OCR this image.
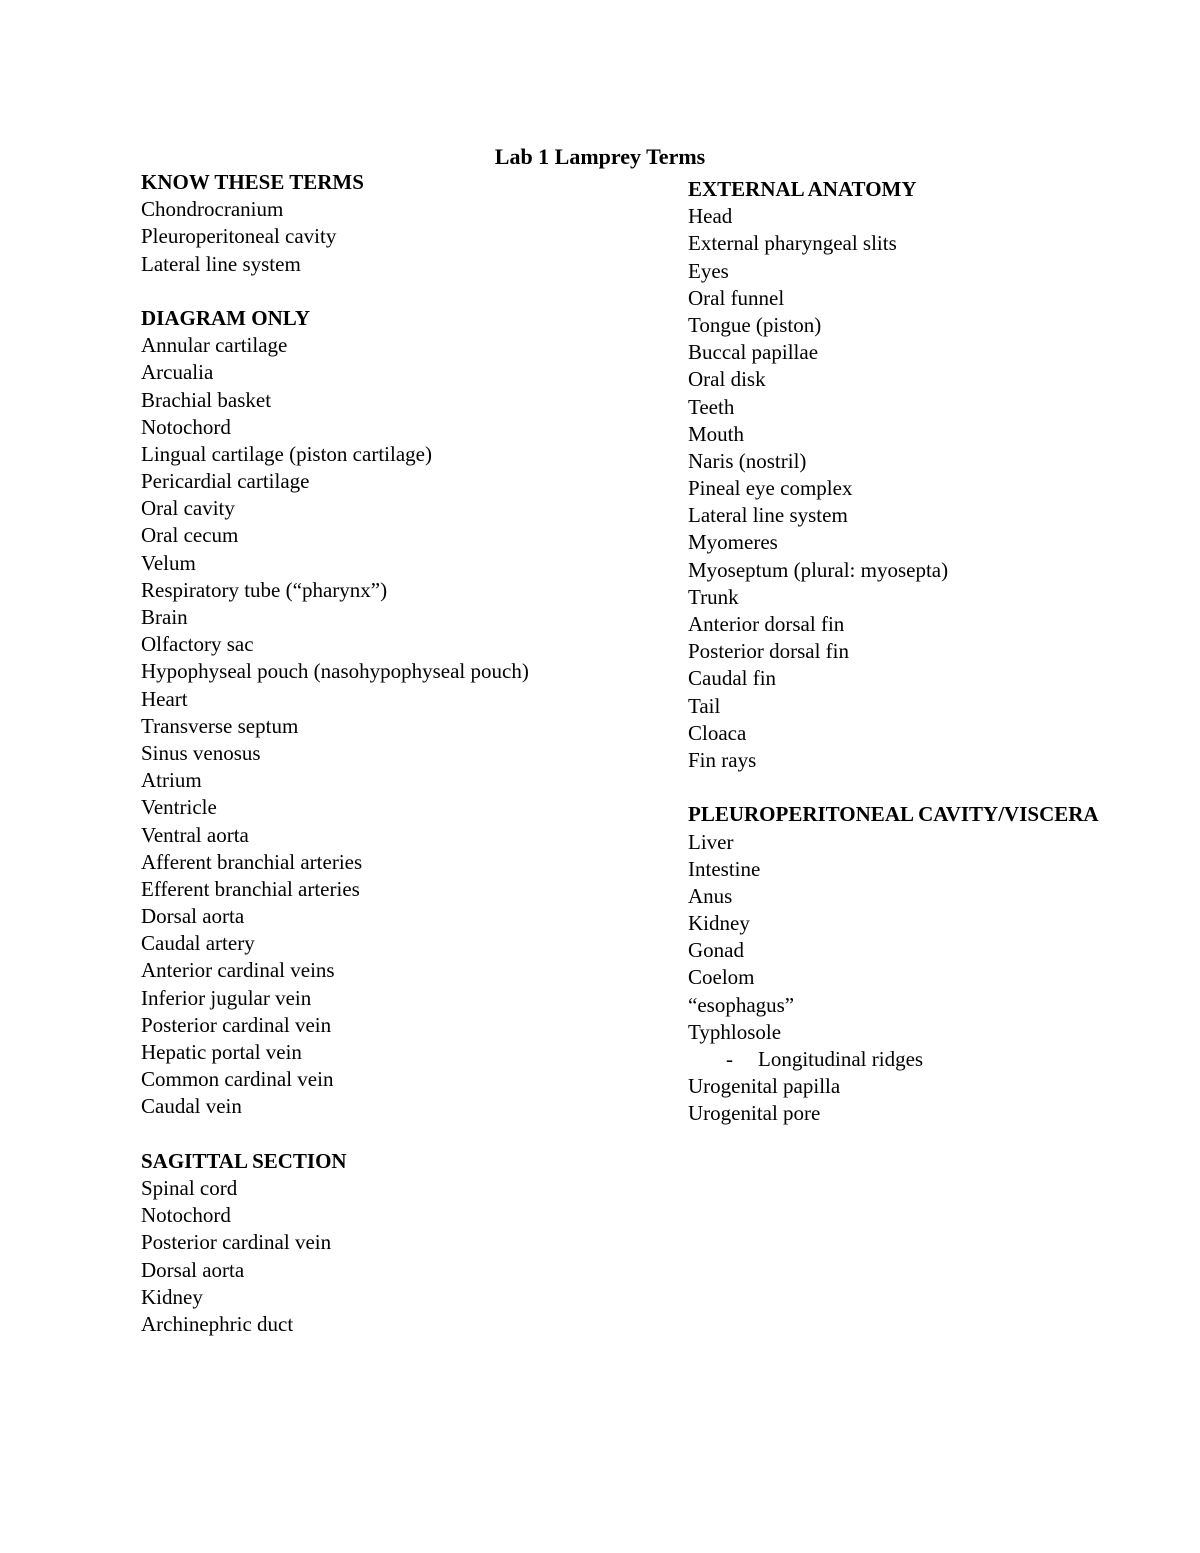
Lab 1 Lamprey Terms
KNOW THESE TERMS
Chondrocranium
Pleuroperitoneal cavity
Lateral line system
DIAGRAM ONLY
Annular cartilage
Arcualia
Brachial basket
Notochord
Lingual cartilage (piston cartilage)
Pericardial cartilage
Oral cavity
Oral cecum
Velum
Respiratory tube (“pharynx”)
Brain
Olfactory sac
Hypophyseal pouch (nasohypophyseal pouch)
Heart
Transverse septum
Sinus venosus
Atrium
Ventricle
Ventral aorta
Afferent branchial arteries
Efferent branchial arteries
Dorsal aorta
Caudal artery
Anterior cardinal veins
Inferior jugular vein
Posterior cardinal vein
Hepatic portal vein
Common cardinal vein
Caudal vein
SAGITTAL SECTION
Spinal cord
Notochord
Posterior cardinal vein
Dorsal aorta
Kidney
Archinephric duct
EXTERNAL ANATOMY
Head
External pharyngeal slits
Eyes
Oral funnel
Tongue (piston)
Buccal papillae
Oral disk
Teeth
Mouth
Naris (nostril)
Pineal eye complex
Lateral line system
Myomeres
Myoseptum (plural: myosepta)
Trunk
Anterior dorsal fin
Posterior dorsal fin
Caudal fin
Tail
Cloaca
Fin rays
PLEUROPERITONEAL CAVITY/VISCERA
Liver
Intestine
Anus
Kidney
Gonad
Coelom
“esophagus”
Typhlosole
- Longitudinal ridges
Urogenital papilla
Urogenital pore
